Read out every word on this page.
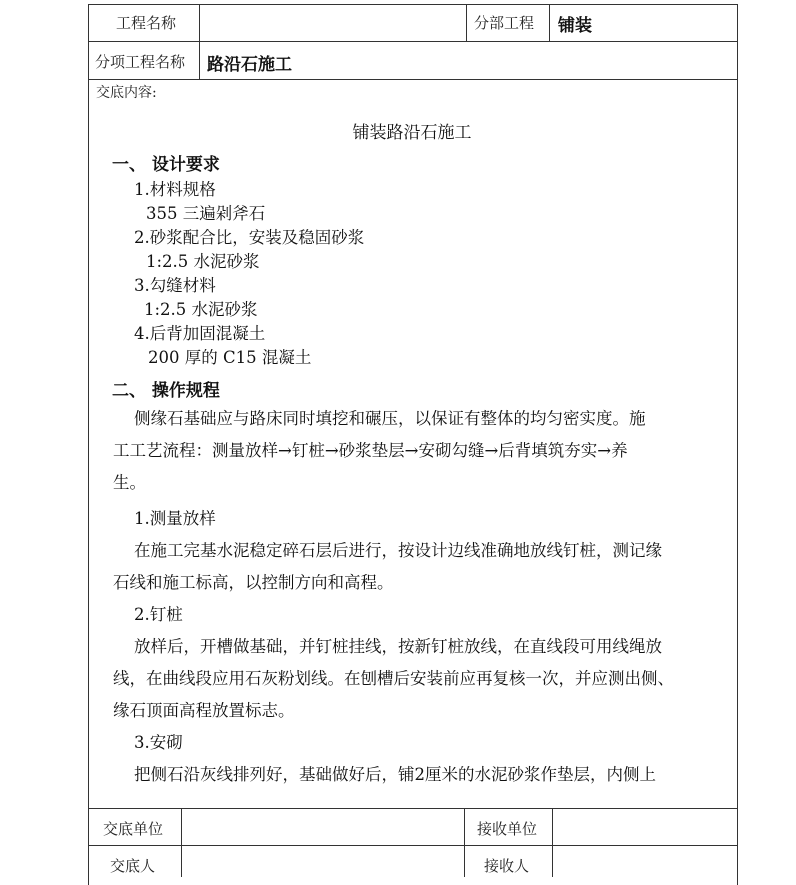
工程名称	分部工程 铺装
分项工程名称 路沿石施工
交底内容:
铺装路沿石施工
一、 设计要求
1.材料规格
355 三遍剁斧石
2.砂浆配合比，安装及稳固砂浆
1:2.5 水泥砂浆
3.勾缝材料
1:2.5 水泥砂浆
4.后背加固混凝土
200 厚的 C15 混凝土
二、 操作规程
侧缘石基础应与路床同时填挖和碾压，以保证有整体的均匀密实度。施
工工艺流程：测量放样→钉桩→砂浆垫层→安砌勾缝→后背填筑夯实→养
生。
1.测量放样
在施工完基水泥稳定碎石层后进行，按设计边线准确地放线钉桩，测记缘
石线和施工标高，以控制方向和高程。
2.钉桩
放样后，开槽做基础，并钉桩挂线，按新钉桩放线，在直线段可用线绳放
线，在曲线段应用石灰粉划线。在刨槽后安装前应再复核一次，并应测出侧、
缘石顶面高程放置标志。
3.安砌
把侧石沿灰线排列好，基础做好后，铺2厘米的水泥砂浆作垫层，内侧上
交底单位	接收单位
交底人	接收人
